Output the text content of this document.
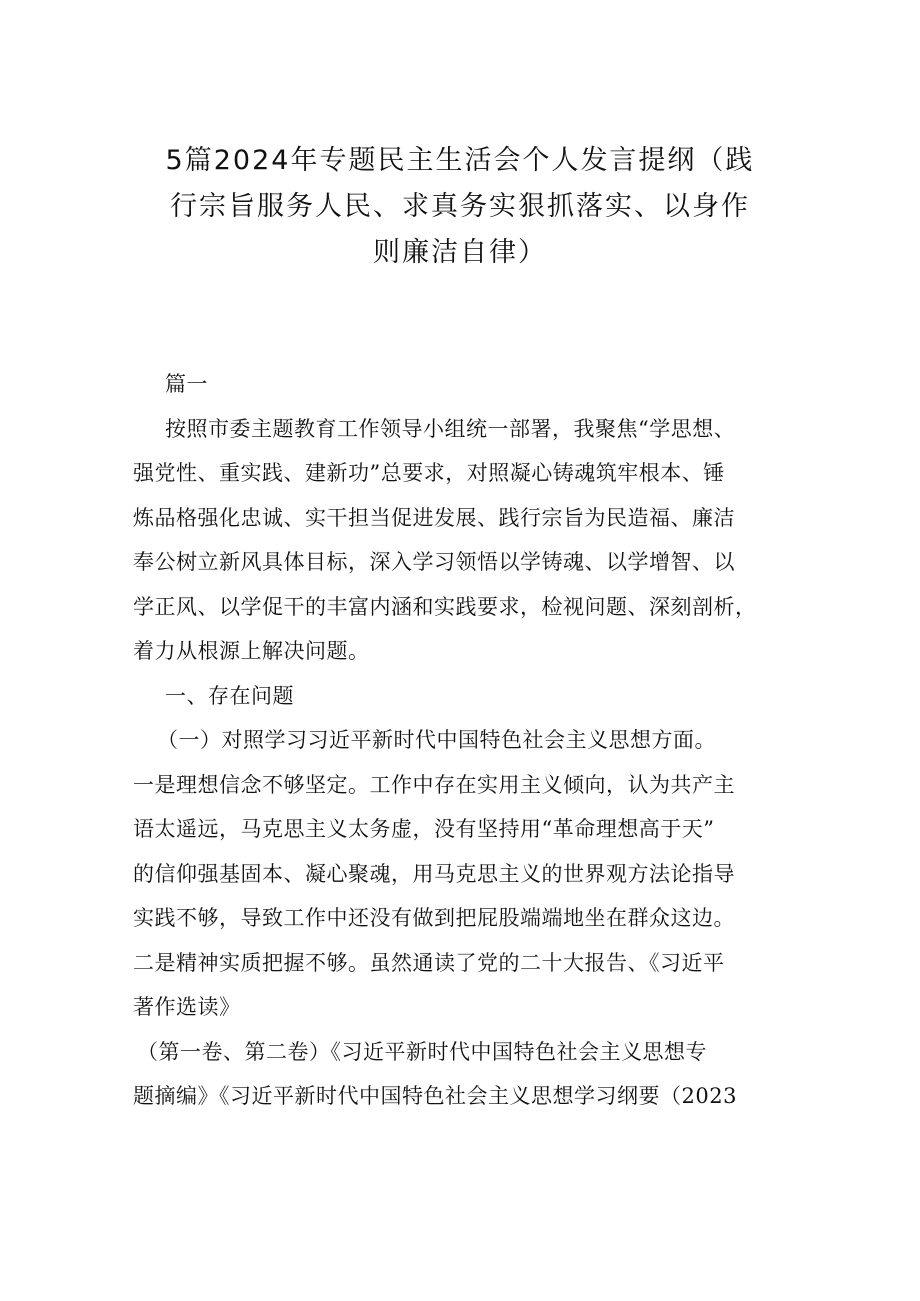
5篇2024年专题民主生活会个人发言提纲（践
行宗旨服务人民、求真务实狠抓落实、以身作
则廉洁自律）
篇一
按照市委主题教育工作领导小组统一部署，我聚焦“学思想、
强党性、重实践、建新功”总要求，对照凝心铸魂筑牢根本、锤
炼品格强化忠诚、实干担当促进发展、践行宗旨为民造福、廉洁
奉公树立新风具体目标，深入学习领悟以学铸魂、以学增智、以
学正风、以学促干的丰富内涵和实践要求，检视问题、深刻剖析，
着力从根源上解决问题。
一、存在问题
（一）对照学习习近平新时代中国特色社会主义思想方面。
一是理想信念不够坚定。工作中存在实用主义倾向，认为共产主
语太遥远，马克思主义太务虚，没有坚持用“革命理想高于天”
的信仰强基固本、凝心聚魂，用马克思主义的世界观方法论指导
实践不够，导致工作中还没有做到把屁股端端地坐在群众这边。
二是精神实质把握不够。虽然通读了党的二十大报告、《习近平
著作选读》
（第一卷、第二卷）《习近平新时代中国特色社会主义思想专
题摘编》《习近平新时代中国特色社会主义思想学习纲要（2023
